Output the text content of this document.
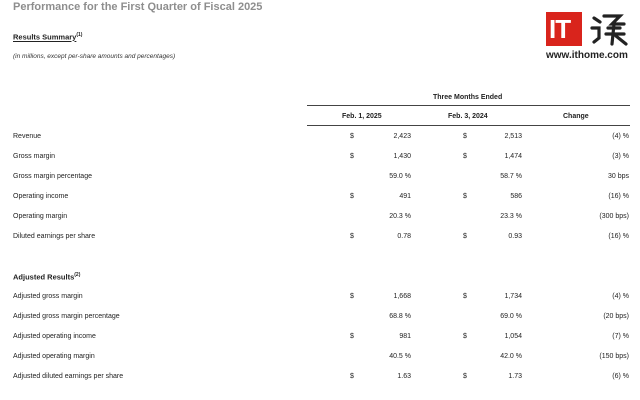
Performance for the First Quarter of Fiscal 2025
IT
www.ithome.com
Results Summary$^{(1)}$
(in millions, except per-share amounts and percentages)
Three Months Ended
Feb. 1, 2025	Feb. 3, 2024	Change
Revenue	$	2,423	$	2,513	(4) %
Gross margin	$	1,430	$	1,474	(3) %
Gross margin percentage	59.0 %	58.7 %	30 bps
Operating income	$	491	$	586	(16) %
Operating margin	20.3 %	23.3 %	(300 bps)
Diluted earnings per share	$	0.78	$	0.93	(16) %
Adjusted Results$^{(2)}$
Adjusted gross margin	$	1,668	$	1,734	(4) %
Adjusted gross margin percentage	68.8 %	69.0 %	(20 bps)
Adjusted operating income	$	981	$	1,054	(7) %
Adjusted operating margin	40.5 %	42.0 %	(150 bps)
Adjusted diluted earnings per share	$	1.63	$	1.73	(6) %
